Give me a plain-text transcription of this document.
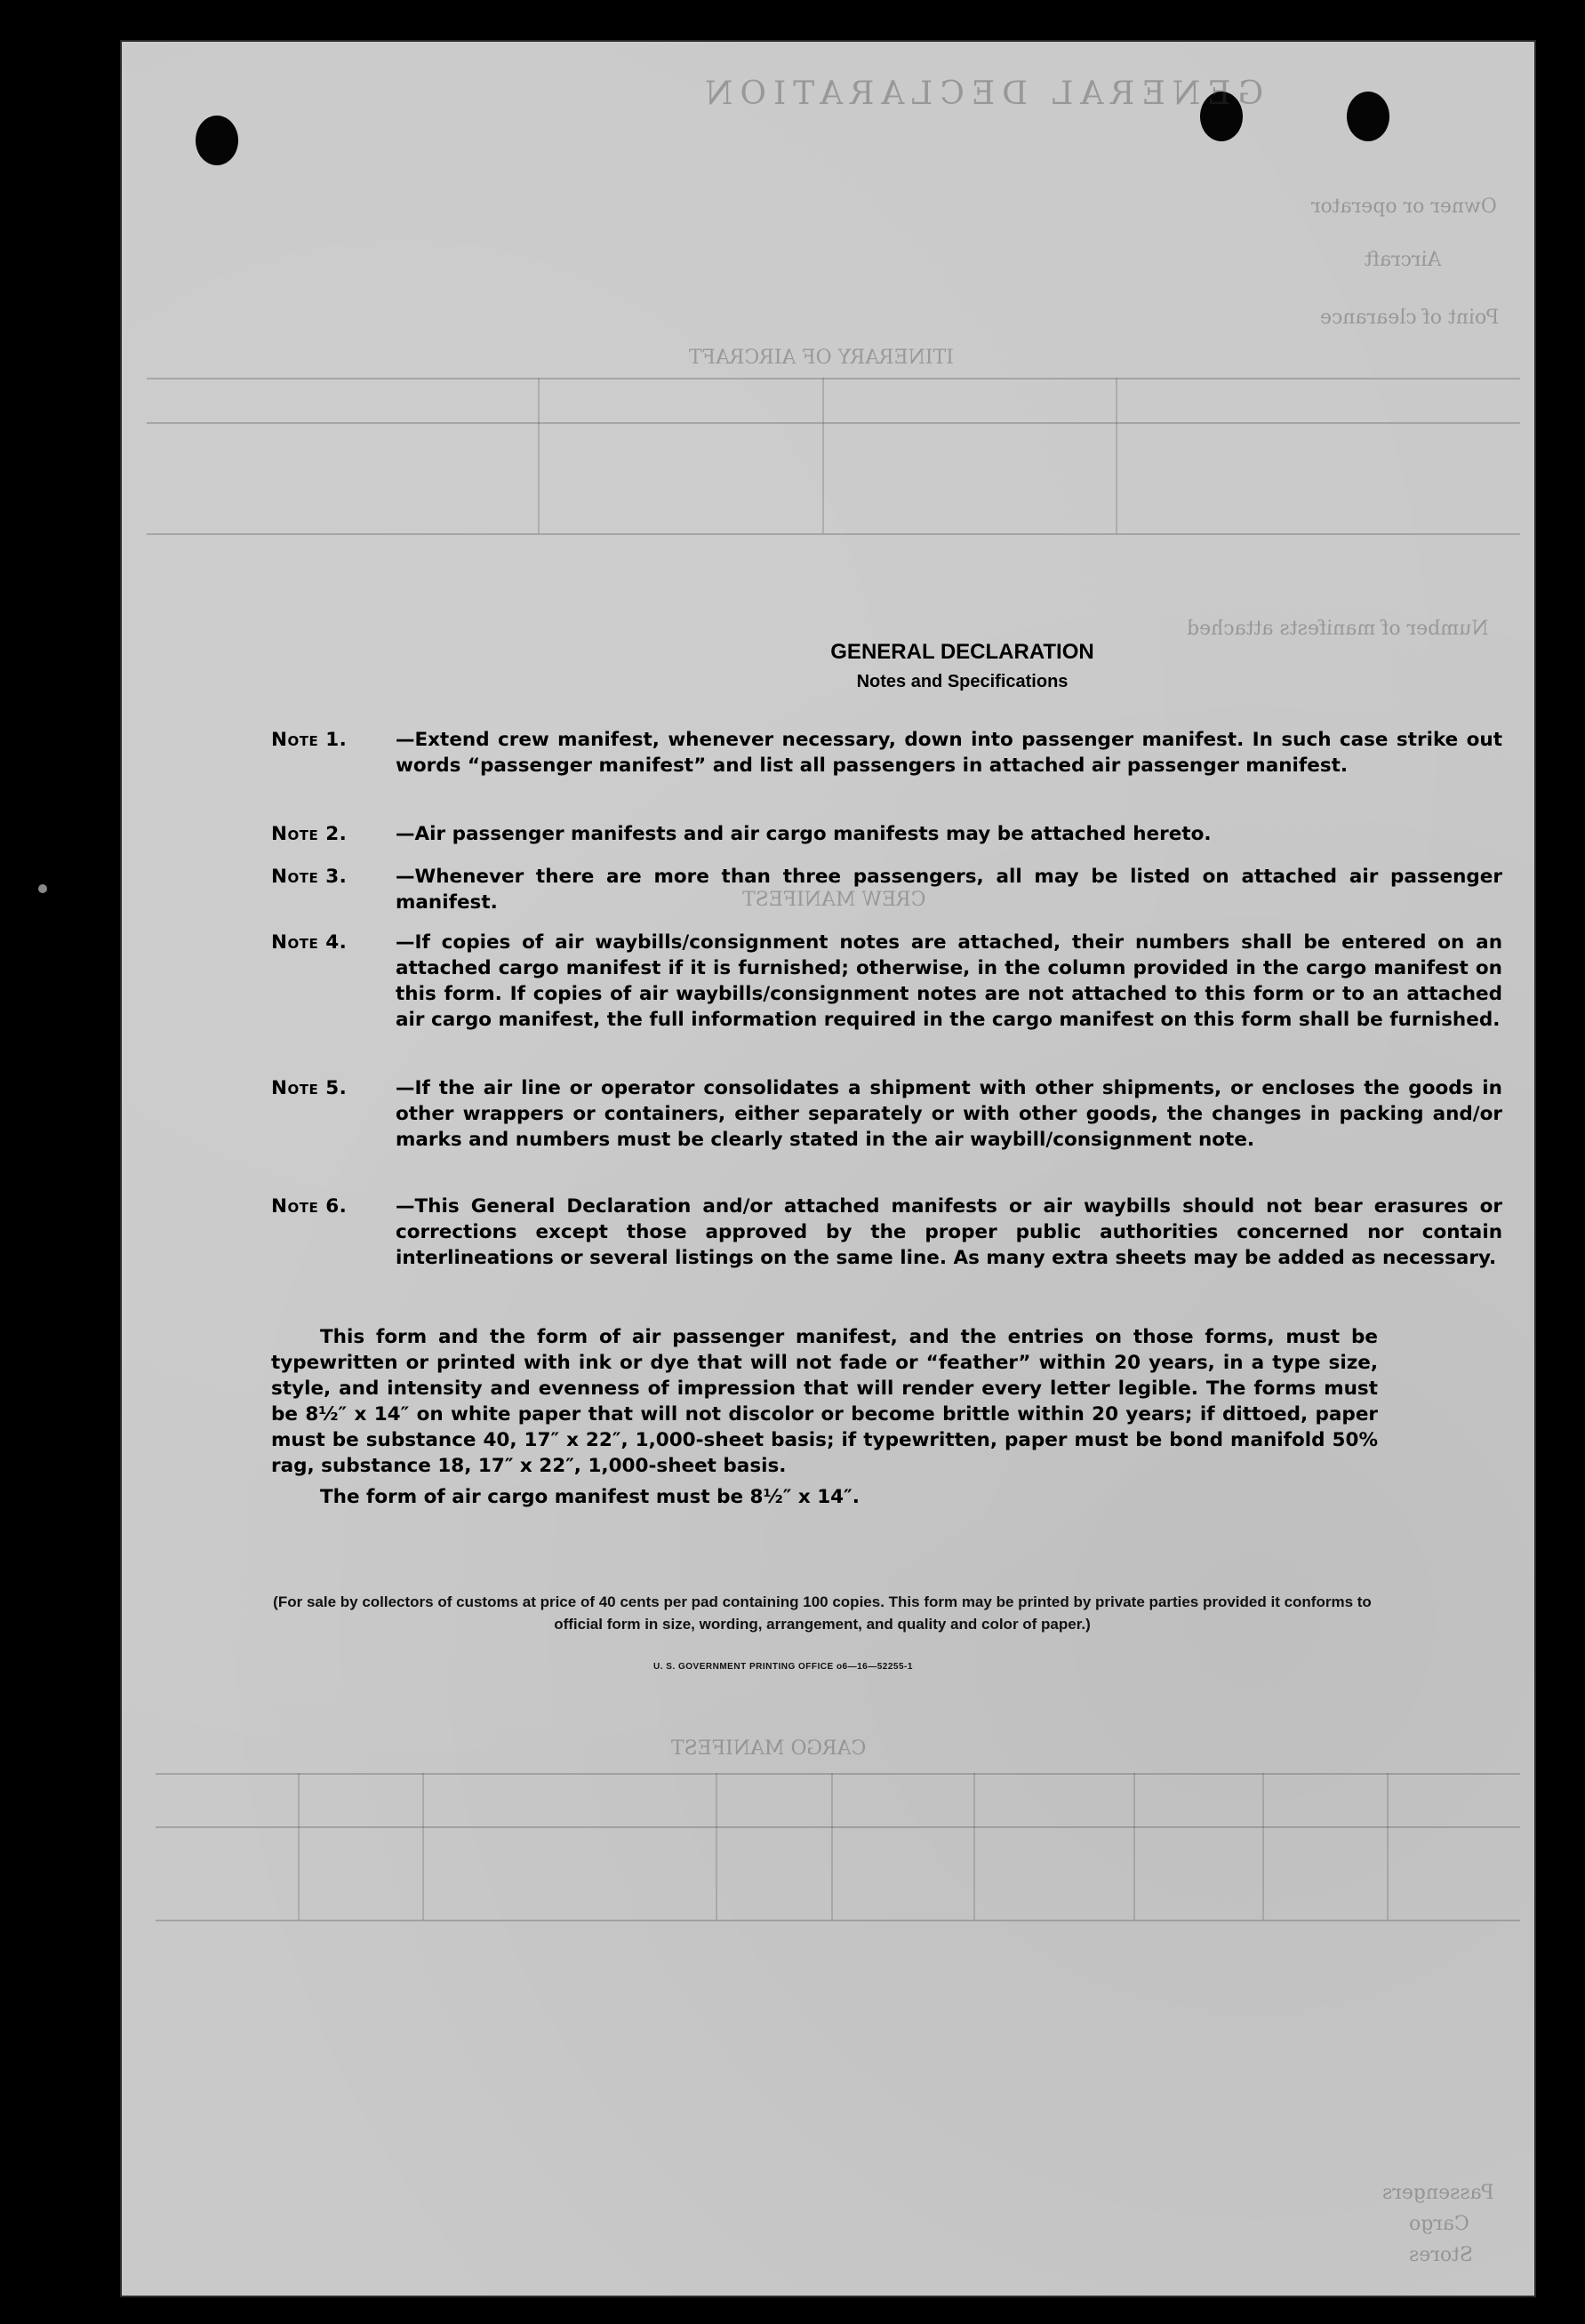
GENERAL DECLARATION
Owner or operator
Aircraft
Point of clearance
ITINERARY OF AIRCRAFT
Number of manifests attached
CREW MANIFEST
CARGO MANIFEST
Passengers
Cargo
Stores
GENERAL DECLARATION
Notes and Specifications
Note 1.	—Extend crew manifest, whenever necessary, down into passenger manifest. In such case strike out words “passenger manifest” and list all passengers in attached air passenger manifest.
Note 2.	—Air passenger manifests and air cargo manifests may be attached hereto.
Note 3.	—Whenever there are more than three passengers, all may be listed on attached air passenger manifest.
Note 4.	—If copies of air waybills/consignment notes are attached, their numbers shall be entered on an attached cargo manifest if it is furnished; otherwise, in the column provided in the cargo manifest on this form. If copies of air waybills/consignment notes are not attached to this form or to an attached air cargo manifest, the full information required in the cargo manifest on this form shall be furnished.
Note 5.	—If the air line or operator consolidates a shipment with other shipments, or encloses the goods in other wrappers or containers, either separately or with other goods, the changes in packing and/or marks and numbers must be clearly stated in the air waybill/consignment note.
Note 6.	—This General Declaration and/or attached manifests or air waybills should not bear erasures or corrections except those approved by the proper public authorities concerned nor contain interlineations or several listings on the same line. As many extra sheets may be added as necessary.
This form and the form of air passenger manifest, and the entries on those forms, must be typewritten or printed with ink or dye that will not fade or “feather” within 20 years, in a type size, style, and intensity and evenness of impression that will render every letter legible. The forms must be 8½″ x 14″ on white paper that will not discolor or become brittle within 20 years; if dittoed, paper must be substance 40, 17″ x 22″, 1,000-sheet basis; if typewritten, paper must be bond manifold 50% rag, substance 18, 17″ x 22″, 1,000-sheet basis.
The form of air cargo manifest must be 8½″ x 14″.
(For sale by collectors of customs at price of 40 cents per pad containing 100 copies. This form may be printed by private parties provided it conforms to official form in size, wording, arrangement, and quality and color of paper.)
U. S. GOVERNMENT PRINTING OFFICE o6—16—52255-1
